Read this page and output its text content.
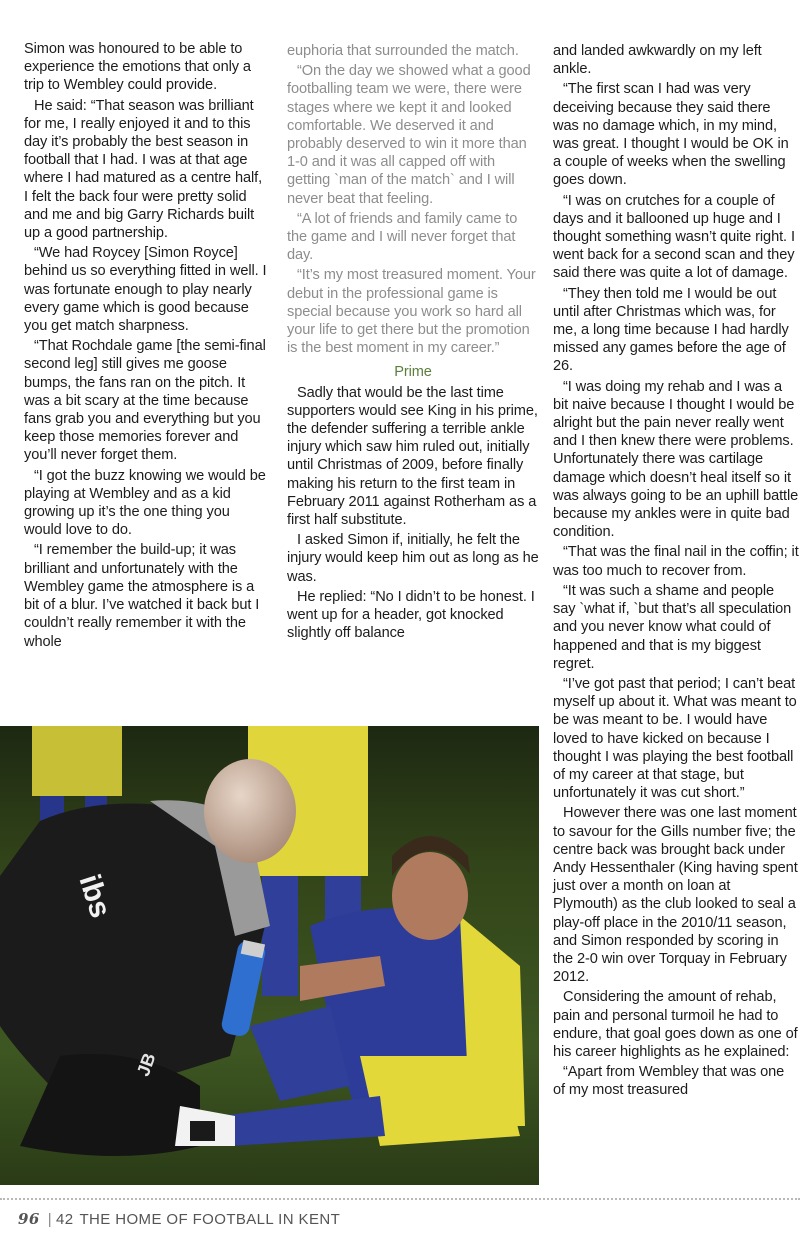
Simon was honoured to be able to experience the emotions that only a trip to Wembley could provide.

He said: “That season was brilliant for me, I really enjoyed it and to this day it’s probably the best season in football that I had. I was at that age where I had matured as a centre half, I felt the back four were pretty solid and me and big Garry Richards built up a good partnership.

“We had Roycey [Simon Royce] behind us so everything fitted in well. I was fortunate enough to play nearly every game which is good because you get match sharpness.

“That Rochdale game [the semi-final second leg] still gives me goose bumps, the fans ran on the pitch. It was a bit scary at the time because fans grab you and everything but you keep those memories forever and you’ll never forget them.

“I got the buzz knowing we would be playing at Wembley and as a kid growing up it’s the one thing you would love to do.

“I remember the build-up; it was brilliant and unfortunately with the Wembley game the atmosphere is a bit of a blur. I’ve watched it back but I couldn’t really remember it with the whole

euphoria that surrounded the match.

“On the day we showed what a good footballing team we were, there were stages where we kept it and looked comfortable. We deserved it and probably deserved to win it more than 1-0 and it was all capped off with getting `man of the match` and I will never beat that feeling.

“A lot of friends and family came to the game and I will never forget that day.

“It’s my most treasured moment. Your debut in the professional game is special because you work so hard all your life to get there but the promotion is the best moment in my career.”

Prime

Sadly that would be the last time supporters would see King in his prime, the defender suffering a terrible ankle injury which saw him ruled out, initially until Christmas of 2009, before finally making his return to the first team in February 2011 against Rotherham as a first half substitute.

I asked Simon if, initially, he felt the injury would keep him out as long as he was.

He replied: “No I didn’t to be honest. I went up for a header, got knocked slightly off balance

and landed awkwardly on my left ankle.

“The first scan I had was very deceiving because they said there was no damage which, in my mind, was great. I thought I would be OK in a couple of weeks when the swelling goes down.

“I was on crutches for a couple of days and it ballooned up huge and I thought something wasn’t quite right. I went back for a second scan and they said there was quite a lot of damage.

“They then told me I would be out until after Christmas which was, for me, a long time because I had hardly missed any games before the age of 26.

“I was doing my rehab and I was a bit naive because I thought I would be alright but the pain never really went and I then knew there were problems. Unfortunately there was cartilage damage which doesn’t heal itself so it was always going to be an uphill battle because my ankles were in quite bad condition.

“That was the final nail in the coffin; it was too much to recover from.

“It was such a shame and people say `what if, `but that’s all speculation and you never know what could of happened and that is my biggest regret.

“I’ve got past that period; I can’t beat myself up about it. What was meant to be was meant to be. I would have loved to have kicked on because I thought I was playing the best football of my career at that stage, but unfortunately it was cut short.”

However there was one last moment to savour for the Gills number five; the centre back was brought back under Andy Hessenthaler (King having spent just over a month on loan at Plymouth) as the club looked to seal a play-off place in the 2010/11 season, and Simon responded by scoring in the 2-0 win over Torquay in February 2012.

Considering the amount of rehab, pain and personal turmoil he had to endure, that goal goes down as one of his career highlights as he explained:

“Apart from Wembley that was one of my most treasured

ibs
JB
96 | 42 THE HOME OF FOOTBALL IN KENT
